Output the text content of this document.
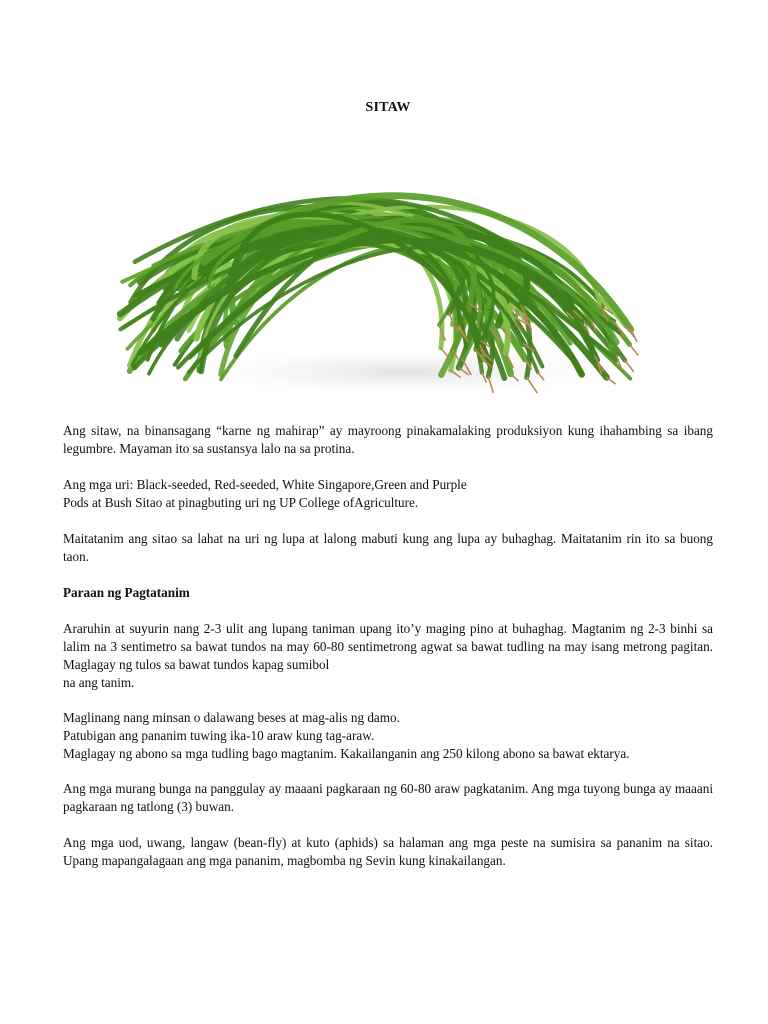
SITAW

Ang sitaw, na binansagang “karne ng mahirap” ay mayroong pinakamalaking produksiyon kung ihahambing sa ibang legumbre. Mayaman ito sa sustansya lalo na sa protina.

Ang mga uri: Black-seeded, Red-seeded, White Singapore,Green and Purple
Pods at Bush Sitao at pinagbuting uri ng UP College ofAgriculture.

Maitatanim ang sitao sa lahat na uri ng lupa at lalong mabuti kung ang lupa ay buhaghag. Maitatanim rin ito sa buong taon.

Paraan ng Pagtatanim
Araruhin at suyurin nang 2-3 ulit ang lupang taniman upang ito’y maging pino at buhaghag. Magtanim ng 2-3 binhi sa lalim na 3 sentimetro sa bawat tundos na may 60-80 sentimetrong agwat sa bawat tudling na may isang metrong pagitan. Maglagay ng tulos sa bawat tundos kapag sumibol
na ang tanim.
Maglinang nang minsan o dalawang beses at mag-alis ng damo.
Patubigan ang pananim tuwing ika-10 araw kung tag-araw.
Maglagay ng abono sa mga tudling bago magtanim. Kakailanganin ang 250 kilong abono sa bawat ektarya.

Ang mga murang bunga na panggulay ay maaani pagkaraan ng 60-80 araw pagkatanim. Ang mga tuyong bunga ay maaani pagkaraan ng tatlong (3) buwan.

Ang mga uod, uwang, langaw (bean-fly) at kuto (aphids) sa halaman ang mga peste na sumisira sa pananim na sitao. Upang mapangalagaan ang mga pananim, magbomba ng Sevin kung kinakailangan.
